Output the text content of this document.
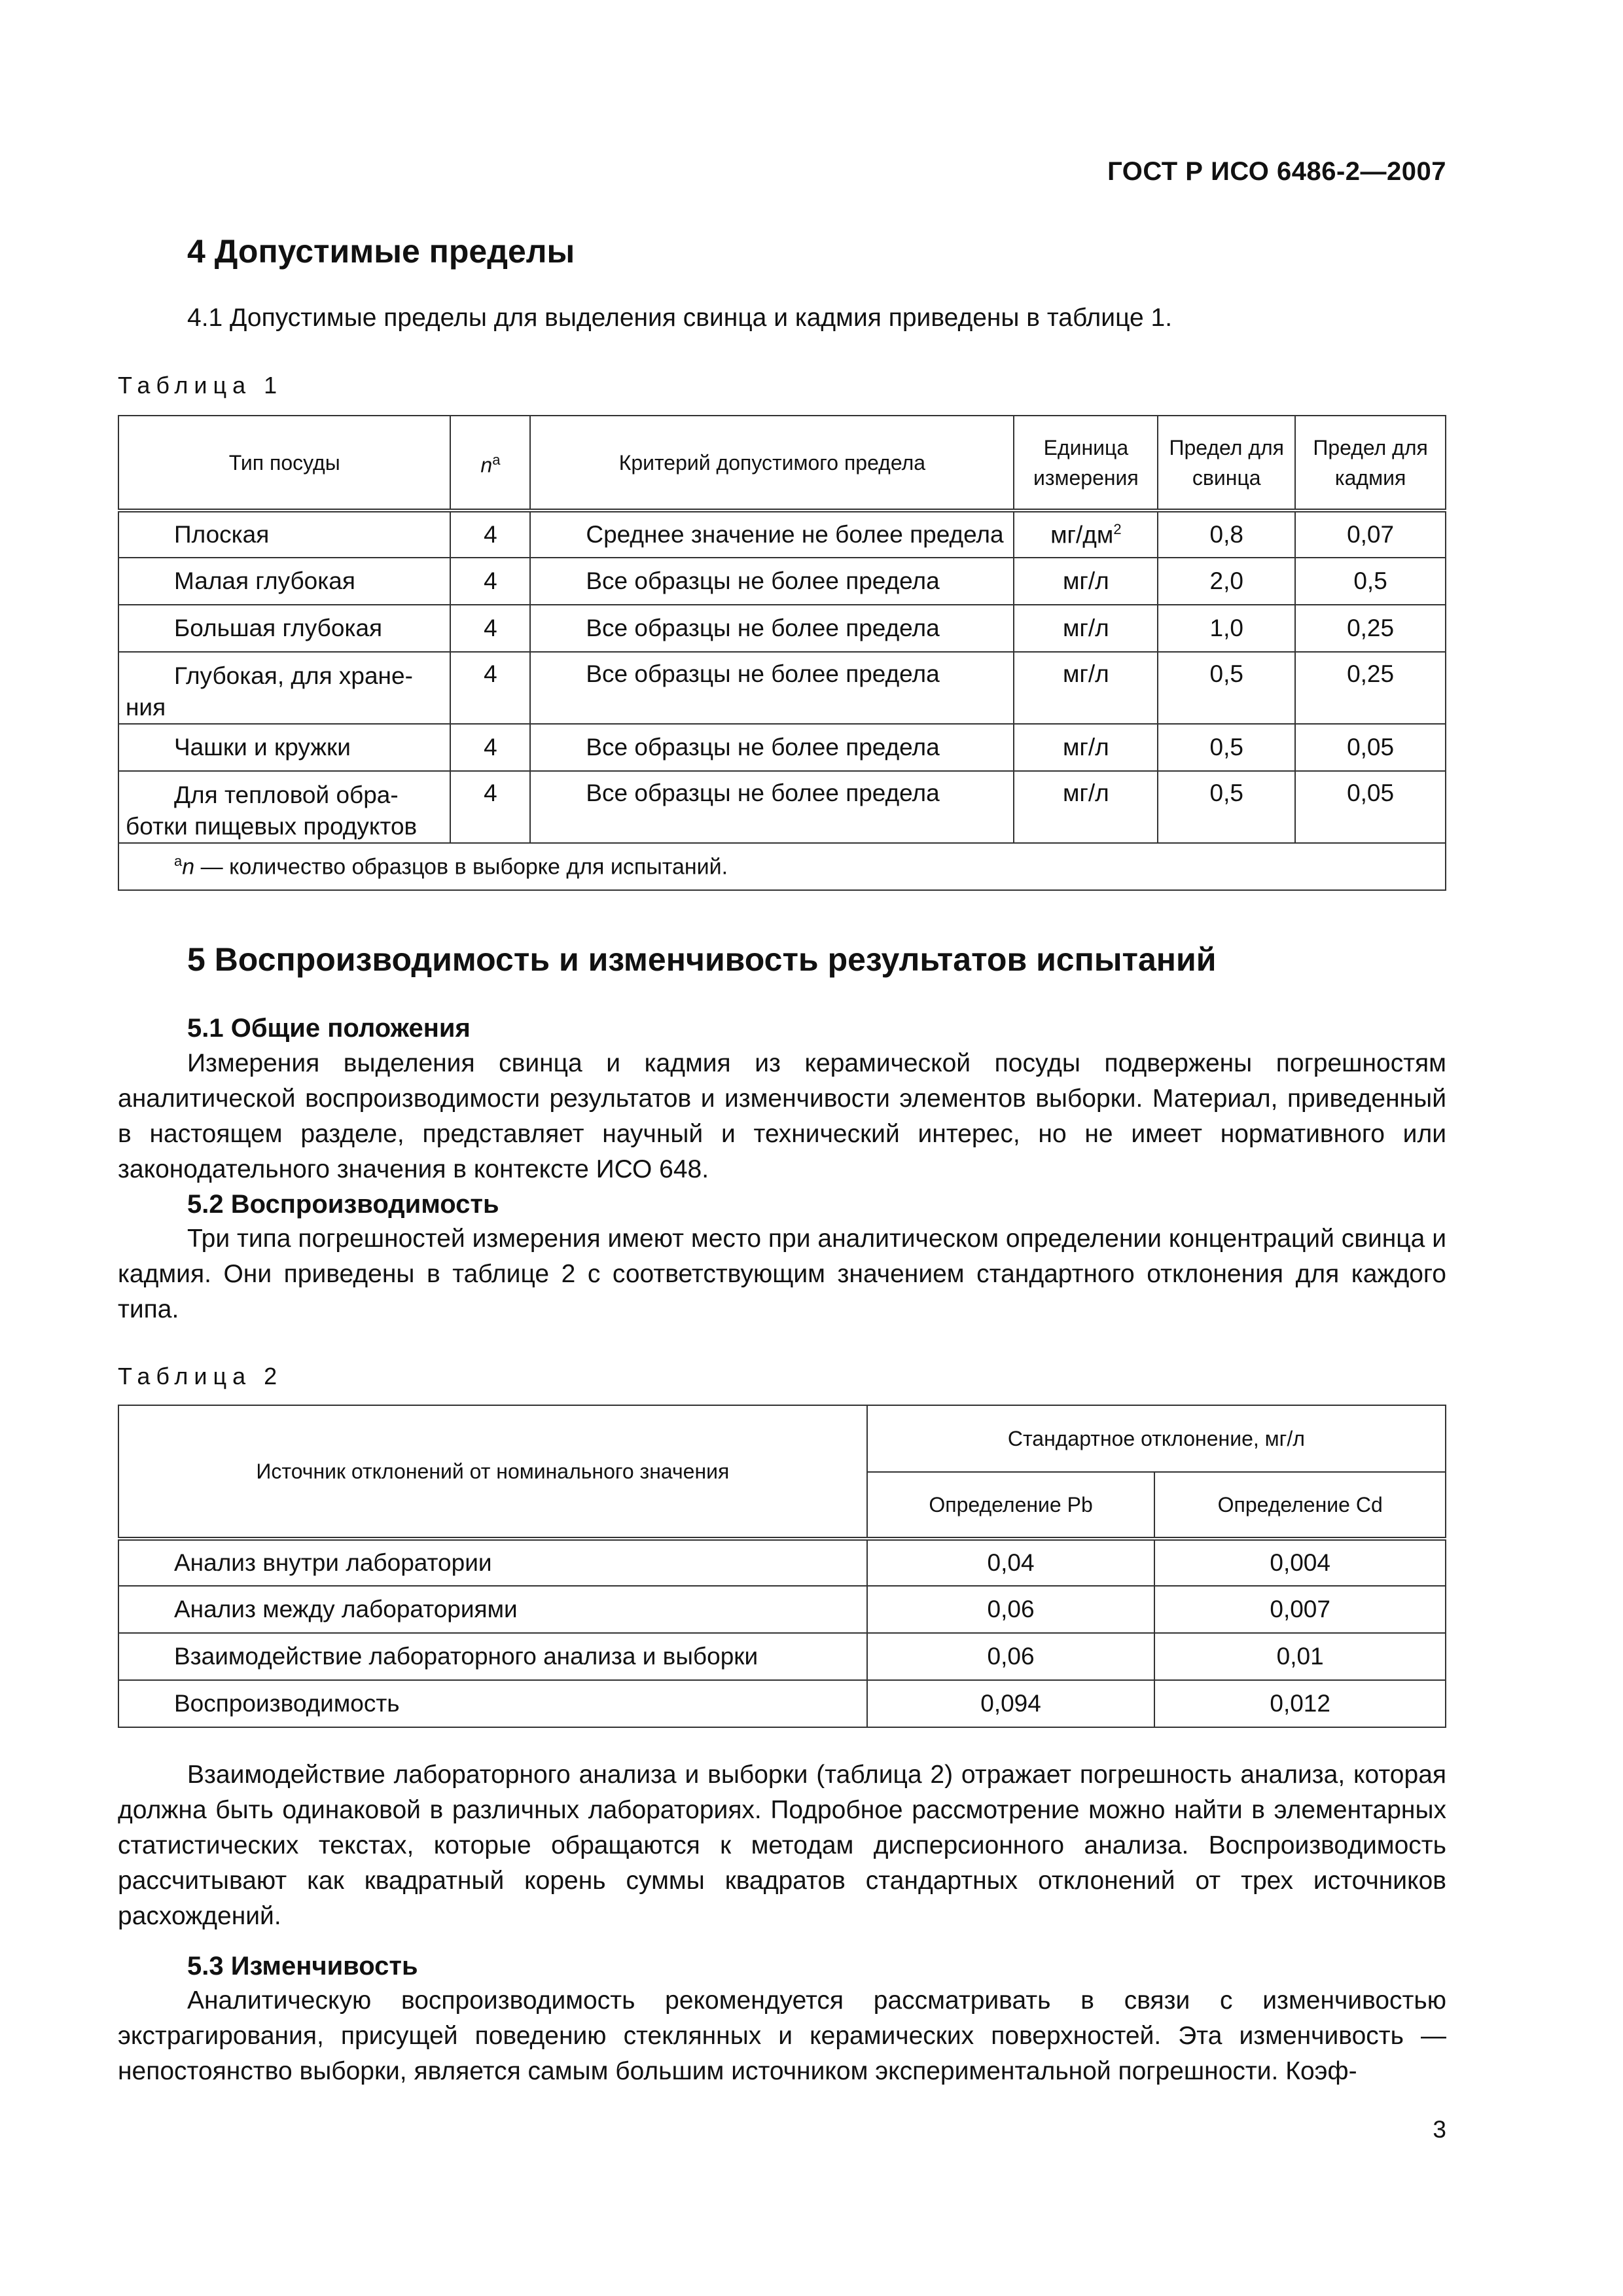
ГОСТ Р ИСО 6486-2—2007
4 Допустимые пределы
4.1 Допустимые пределы для выделения свинца и кадмия приведены в таблице 1.
Таблица 1
Тип посуды	$n^a$	Критерий допустимого предела	Единица измерения	Предел для свинца	Предел для кадмия
Плоская	4	Среднее значение не более предела	$мг/дм^2$	0,8	0,07
Малая глубокая	4	Все образцы не более предела	мг/л	2,0	0,5
Большая глубокая	4	Все образцы не более предела	мг/л	1,0	0,25
Глубокая, для хране-ния	4	Все образцы не более предела	мг/л	0,5	0,25
Чашки и кружки	4	Все образцы не более предела	мг/л	0,5	0,05
Для тепловой обра-ботки пищевых продуктов	4	Все образцы не более предела	мг/л	0,5	0,05
$^a$n — количество образцов в выборке для испытаний.					
5 Воспроизводимость и изменчивость результатов испытаний
5.1 Общие положения
Измерения выделения свинца и кадмия из керамической посуды подвержены погрешностям аналитической воспроизводимости результатов и изменчивости элементов выборки. Материал, приведенный в настоящем разделе, представляет научный и технический интерес, но не имеет нормативного или законодательного значения в контексте ИСО 648.
5.2 Воспроизводимость
Три типа погрешностей измерения имеют место при аналитическом определении концентраций свинца и кадмия. Они приведены в таблице 2 с соответствующим значением стандартного отклонения для каждого типа.
Таблица 2
Источник отклонений от номинального значения	Стандартное отклонение, мг/л	
	Определение Pb	Определение Cd
Анализ внутри лаборатории	0,04	0,004
Анализ между лабораториями	0,06	0,007
Взаимодействие лабораторного анализа и выборки	0,06	0,01
Воспроизводимость	0,094	0,012
Взаимодействие лабораторного анализа и выборки (таблица 2) отражает погрешность анализа, которая должна быть одинаковой в различных лабораториях. Подробное рассмотрение можно найти в элементарных статистических текстах, которые обращаются к методам дисперсионного анализа. Воспроизводимость рассчитывают как квадратный корень суммы квадратов стандартных отклонений от трех источников расхождений.
5.3 Изменчивость
Аналитическую воспроизводимость рекомендуется рассматривать в связи с изменчивостью экстрагирования, присущей поведению стеклянных и керамических поверхностей. Эта изменчивость — непостоянство выборки, является самым большим источником экспериментальной погрешности. Коэф-
3
